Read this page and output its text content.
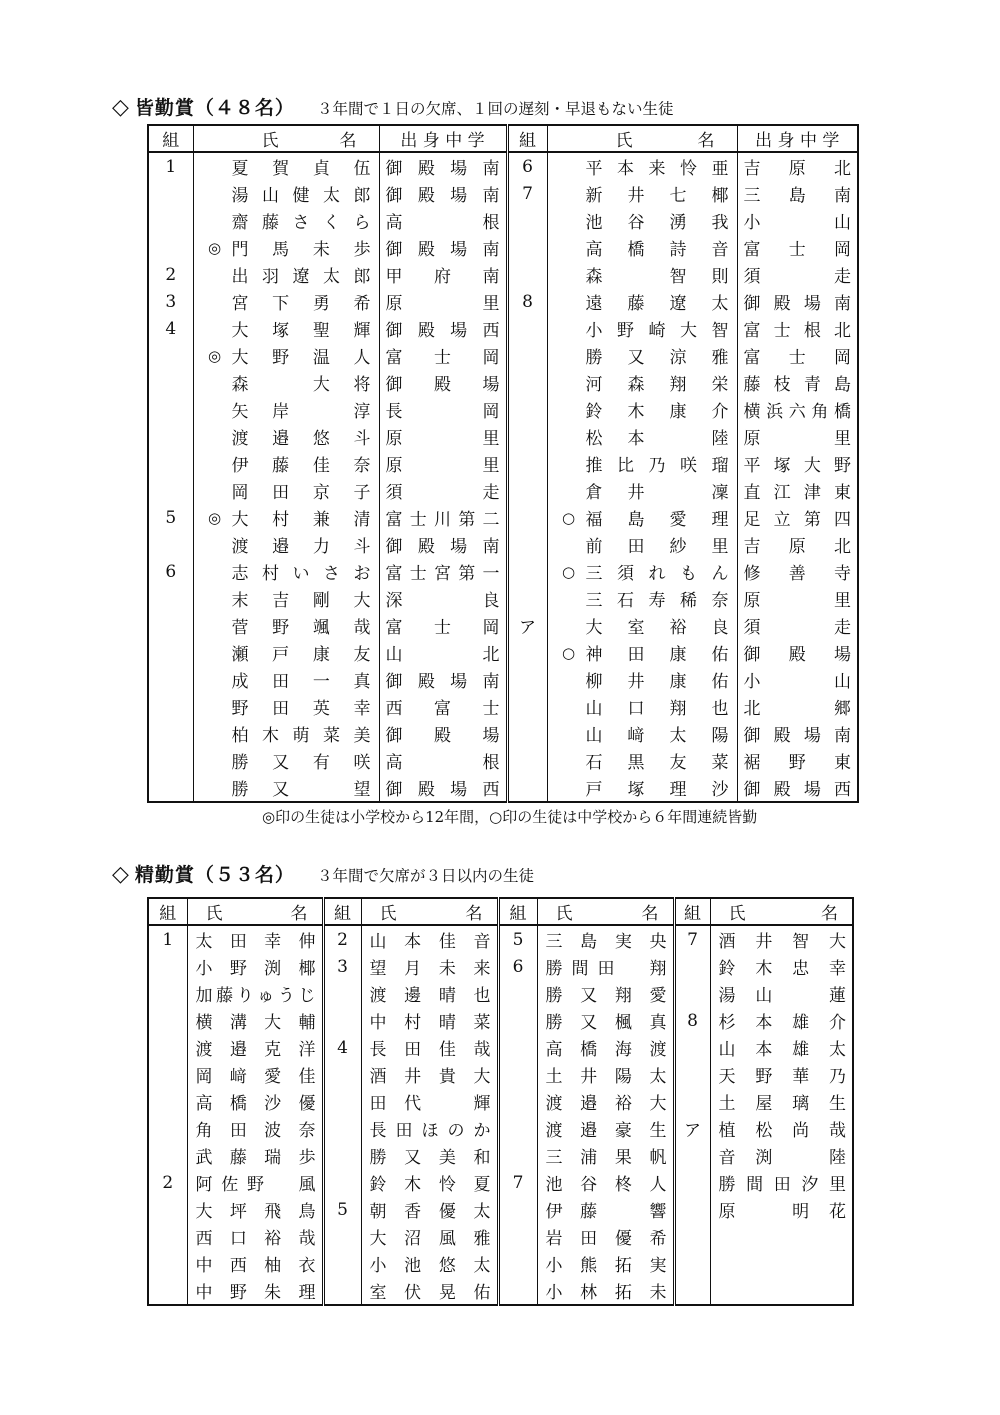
◇ 皆勤賞（４８名） ３年間で１日の欠席、１回の遅刻・早退もない生徒
組	氏 名	出 身 中 学	組	氏 名	出 身 中 学
1	夏賀貞伍	御殿場南	6	平本来怜亜	吉原北

	湯山健太郎	御殿場南	7	新井七椰	三島南

	齋藤さくら	高　根		池谷湧我	小　山

	◎ 門馬未歩	御殿場南		高橋詩音	富士岡
2	出羽遼太郎	甲府南		森　智則	須　走
3	宮下勇希	原　里	8	遠藤遼太	御殿場南
4	大塚聖輝	御殿場西		小野崎大智	富士根北

	◎ 大野温人	富士岡		勝又涼雅	富士岡

	森　大将	御殿場		河森翔栄	藤枝青島

	矢岸　淳	長　岡		鈴木康介	横浜六角橋

	渡邉悠斗	原　里		松本　陸	原　里

	伊藤佳奈	原　里		推比乃咲瑠	平塚大野

	岡田京子	須　走		倉井　凜	直江津東
5	◎ 大村兼清	富士川第二		○ 福島愛理	足立第四

	渡邉力斗	御殿場南		前田紗里	吉原北
6	志村いさお	富士宮第一		○ 三須れもん	修善寺

	末吉剛大	深　良		三石寿稀奈	原　里

	菅野颯哉	富士岡	ア	大室裕良	須　走

	瀬戸康友	山　北		○ 神田康佑	御殿場

	成田一真	御殿場南		柳井康佑	小　山

	野田英幸	西富士		山口翔也	北　郷

	柏木萌菜美	御殿場		山﨑太陽	御殿場南

	勝又有咲	高　根		石黒友菜	裾野東

	勝又　望	御殿場西		戸塚理沙	御殿場西
◎印の生徒は小学校から12年間，○印の生徒は中学校から６年間連続皆勤
◇ 精勤賞（５３名） ３年間で欠席が３日以内の生徒
組	氏 名	組	氏 名	組	氏 名	組	氏 名

1	太田幸伸	2	山本佳音	5	三島実央	7	酒井智大
	小野渕椰	3	望月未来	6	勝間田　翔		鈴木忠幸
	加藤りゅうじ		渡邊晴也		勝又翔愛		湯山　蓮
	横溝大輔		中村晴菜		勝又楓真	8	杉本雄介
	渡邉克洋	4	長田佳哉		高橋海渡		山本雄太
	岡﨑愛佳		酒井貴大		土井陽太		天野華乃
	高橋沙優		田代　輝		渡邉裕大		土屋璃生
	角田波奈		長田ほのか		渡邉豪生	ア	植松尚哉
	武藤瑞歩		勝又美和		三浦果帆		音渕　陸
2	阿佐野　風		鈴木怜夏	7	池谷柊人		勝間田汐里
	大坪飛鳥	5	朝香優太		伊藤　響		原　明花
	西口裕哉		大沼風雅		岩田優希		
	中西柚衣		小池悠太		小熊拓実		
	中野朱理		室伏晃佑		小林拓未		
